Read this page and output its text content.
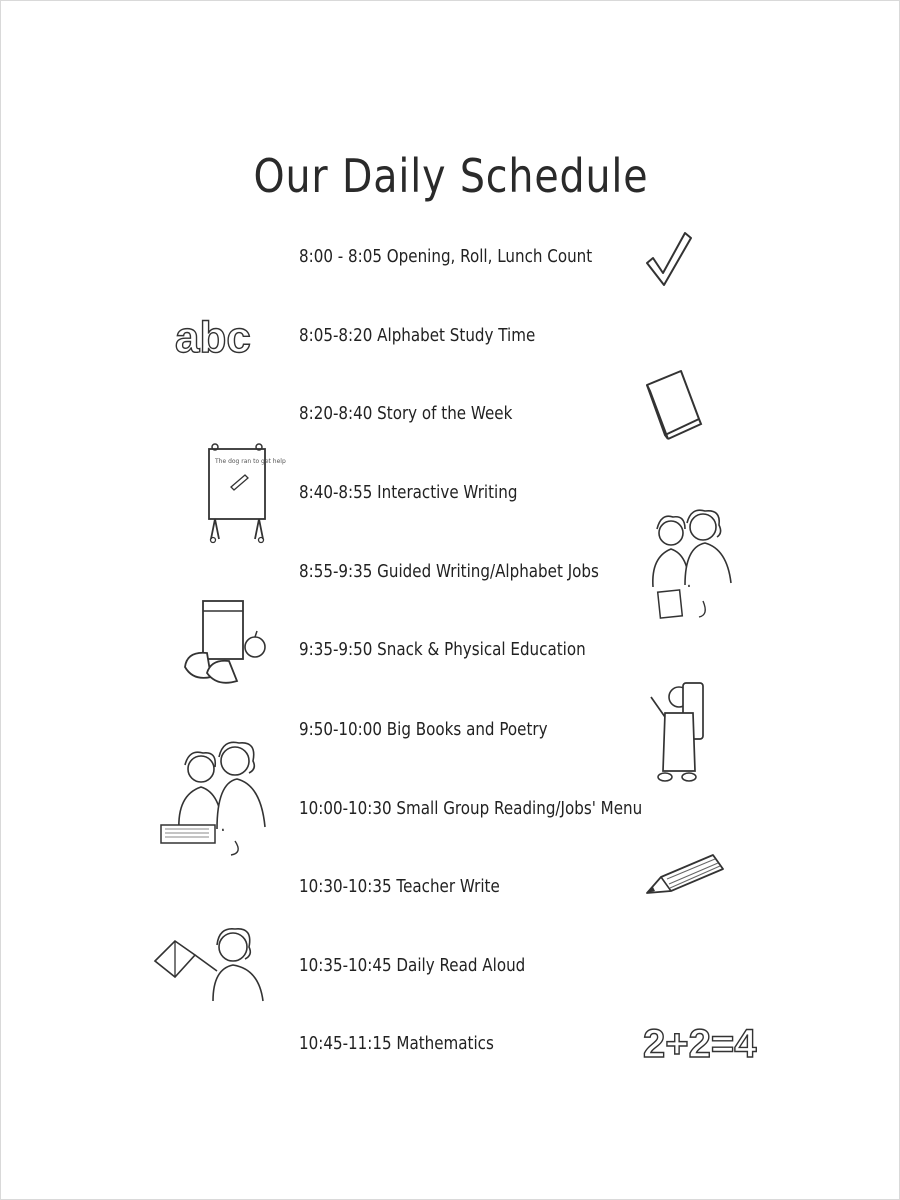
Our Daily Schedule
8:00 - 8:05 Opening, Roll, Lunch Count
8:05-8:20 Alphabet Study Time
8:20-8:40 Story of the Week
8:40-8:55 Interactive Writing
8:55-9:35 Guided Writing/Alphabet Jobs
9:35-9:50 Snack & Physical Education
9:50-10:00 Big Books and Poetry
10:00-10:30 Small Group Reading/Jobs' Menu
10:30-10:35 Teacher Write
10:35-10:45 Daily Read Aloud
10:45-11:15 Mathematics
abc
The dog ran to get help
2+2=4
